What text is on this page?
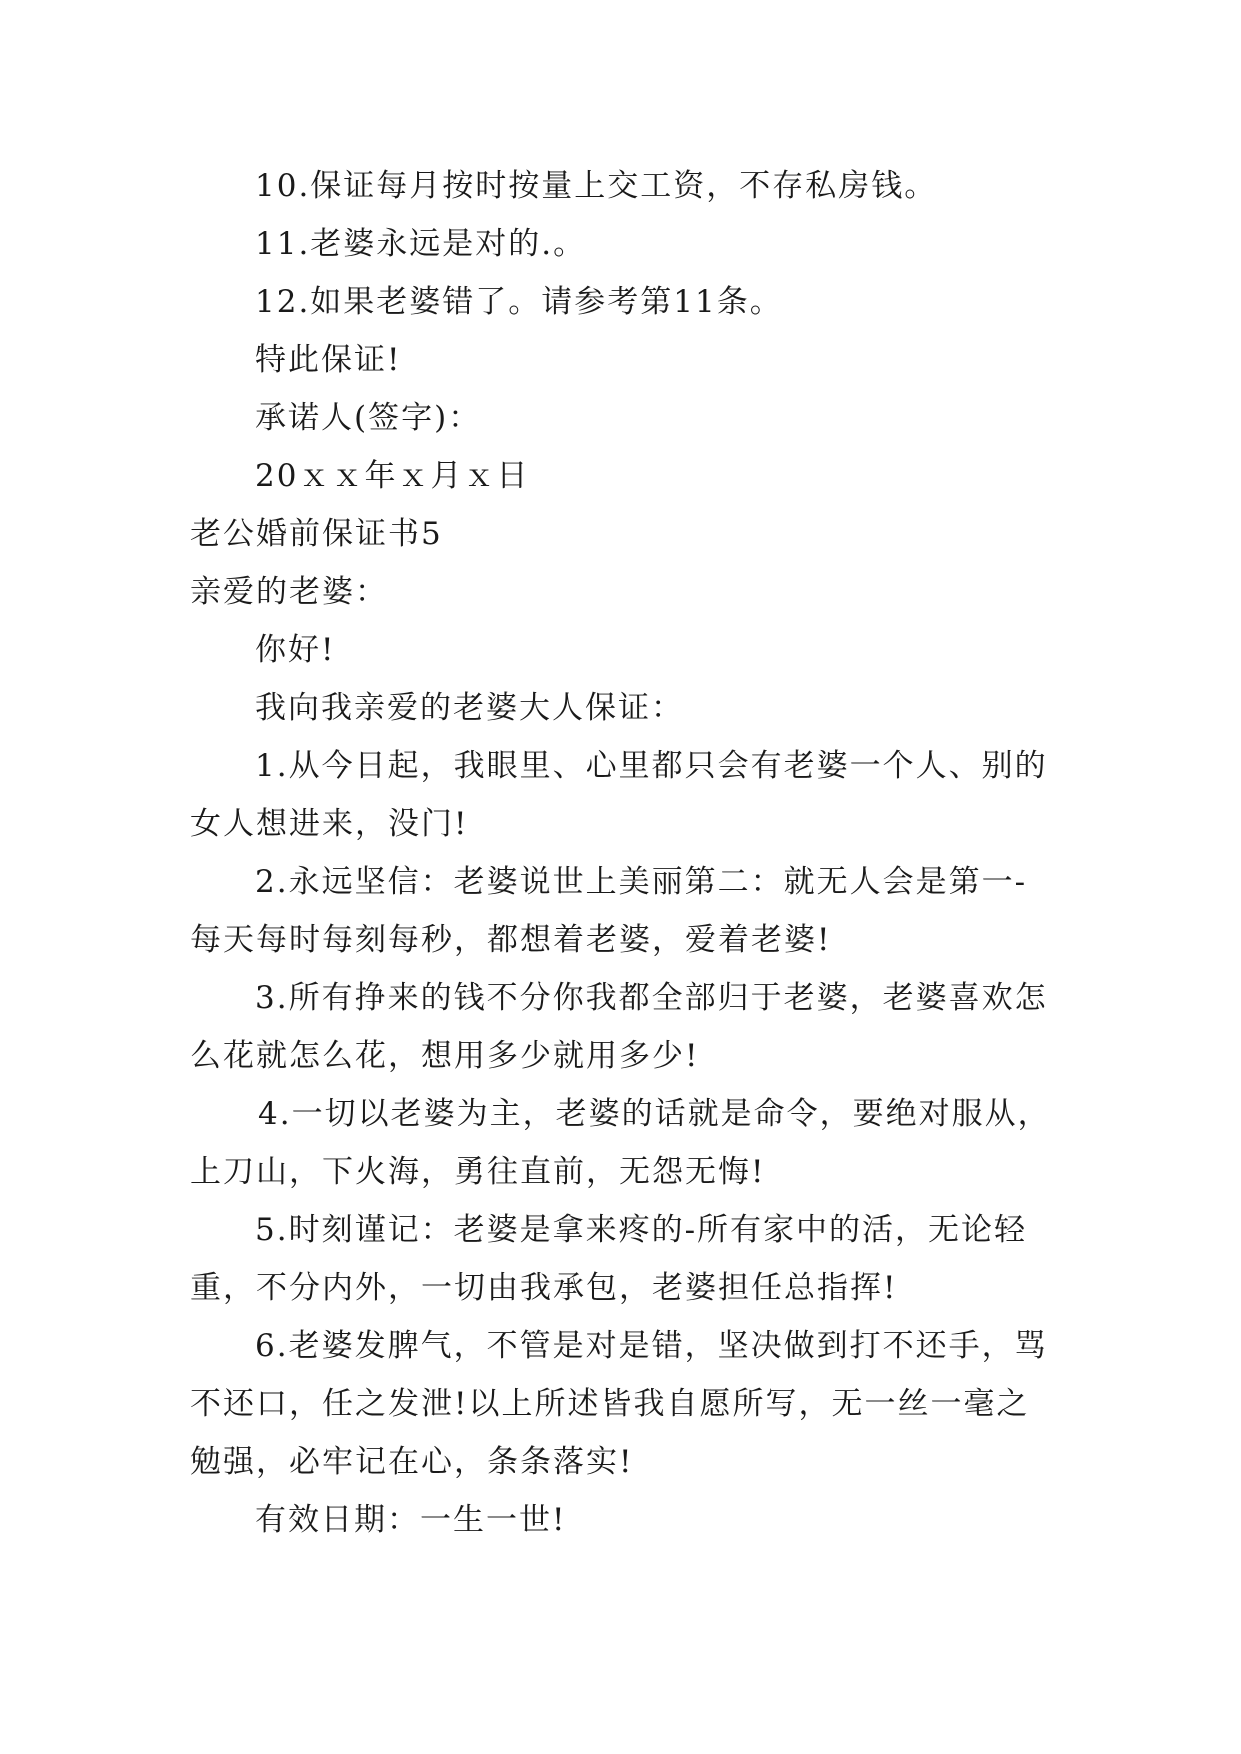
10.保证每月按时按量上交工资，不存私房钱。
11.老婆永远是对的.。
12.如果老婆错了。请参考第11条。
特此保证!
承诺人(签字)：
20ｘｘ年ｘ月ｘ日
老公婚前保证书5
亲爱的老婆：
你好!
我向我亲爱的老婆大人保证：
1.从今日起，我眼里、心里都只会有老婆一个人、别的
女人想进来，没门!
2.永远坚信：老婆说世上美丽第二：就无人会是第一-
每天每时每刻每秒，都想着老婆，爱着老婆!
3.所有挣来的钱不分你我都全部归于老婆，老婆喜欢怎
么花就怎么花，想用多少就用多少!
4.一切以老婆为主，老婆的话就是命令，要绝对服从，
上刀山，下火海，勇往直前，无怨无悔!
5.时刻谨记：老婆是拿来疼的-所有家中的活，无论轻
重，不分内外，一切由我承包，老婆担任总指挥!
6.老婆发脾气，不管是对是错，坚决做到打不还手，骂
不还口，任之发泄!以上所述皆我自愿所写，无一丝一毫之
勉强，必牢记在心，条条落实!
有效日期：一生一世!
